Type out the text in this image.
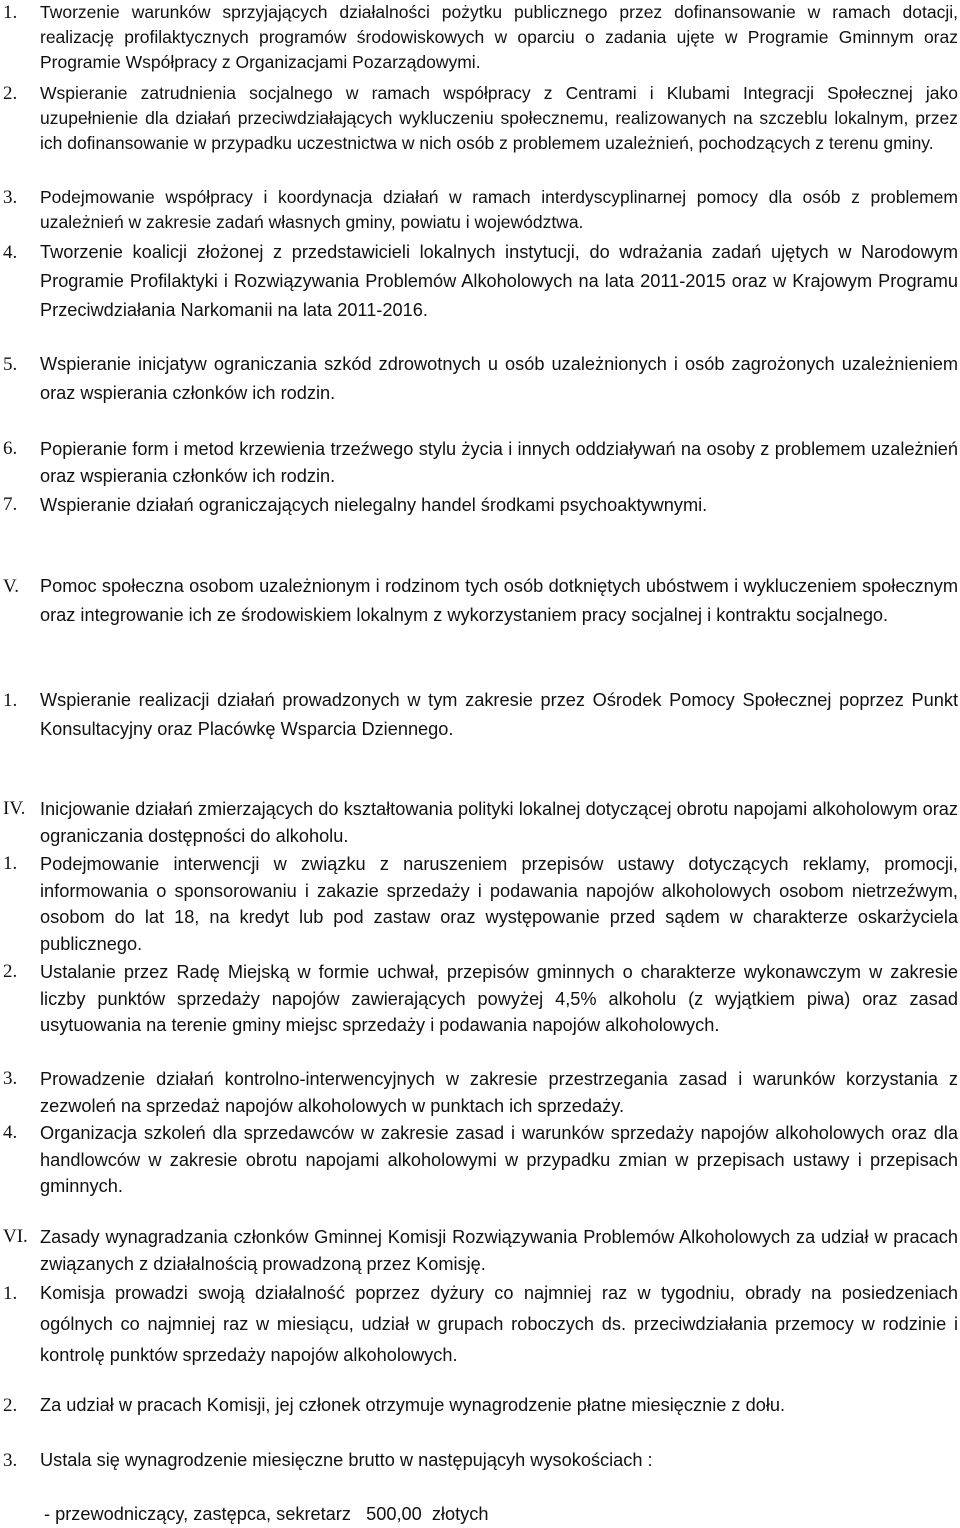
1. Tworzenie warunków sprzyjających działalności pożytku publicznego przez dofinansowanie w ramach dotacji, realizację profilaktycznych programów środowiskowych w oparciu o zadania ujęte w Programie Gminnym oraz Programie Współpracy z Organizacjami Pozarządowymi.
2. Wspieranie zatrudnienia socjalnego w ramach współpracy z Centrami i Klubami Integracji Społecznej jako uzupełnienie dla działań przeciwdziałających wykluczeniu społecznemu, realizowanych na szczeblu lokalnym, przez ich dofinansowanie w przypadku uczestnictwa w nich osób z problemem uzależnień, pochodzących z terenu gminy.
3. Podejmowanie współpracy i koordynacja działań w ramach interdyscyplinarnej pomocy dla osób z problemem uzależnień w zakresie zadań własnych gminy, powiatu i województwa.
4. Tworzenie koalicji złożonej z przedstawicieli lokalnych instytucji, do wdrażania zadań ujętych w Narodowym Programie Profilaktyki i Rozwiązywania Problemów Alkoholowych na lata 2011-2015 oraz w Krajowym Programu Przeciwdziałania Narkomanii na lata 2011-2016.
5. Wspieranie inicjatyw ograniczania szkód zdrowotnych u osób uzależnionych i osób zagrożonych uzależnieniem oraz wspierania członków ich rodzin.
6. Popieranie form i metod krzewienia trzeźwego stylu życia i innych oddziaływań na osoby z problemem uzależnień oraz wspierania członków ich rodzin.
7. Wspieranie działań ograniczających nielegalny handel środkami psychoaktywnymi.
V. Pomoc społeczna osobom uzależnionym i rodzinom tych osób dotkniętych ubóstwem i wykluczeniem społecznym oraz integrowanie ich ze środowiskiem lokalnym z wykorzystaniem pracy socjalnej i kontraktu socjalnego.
1. Wspieranie realizacji działań prowadzonych w tym zakresie przez Ośrodek Pomocy Społecznej poprzez Punkt Konsultacyjny oraz Placówkę Wsparcia Dziennego.
IV. Inicjowanie działań zmierzających do kształtowania polityki lokalnej dotyczącej obrotu napojami alkoholowym oraz ograniczania dostępności do alkoholu.
1. Podejmowanie interwencji w związku z naruszeniem przepisów ustawy dotyczących reklamy, promocji, informowania o sponsorowaniu i zakazie sprzedaży i podawania napojów alkoholowych osobom nietrzeźwym, osobom do lat 18, na kredyt lub pod zastaw oraz występowanie przed sądem w charakterze oskarżyciela publicznego.
2. Ustalanie przez Radę Miejską w formie uchwał, przepisów gminnych o charakterze wykonawczym w zakresie liczby punktów sprzedaży napojów zawierających powyżej 4,5% alkoholu (z wyjątkiem piwa) oraz zasad usytuowania na terenie gminy miejsc sprzedaży i podawania napojów alkoholowych.
3. Prowadzenie działań kontrolno-interwencyjnych w zakresie przestrzegania zasad i warunków korzystania z zezwoleń na sprzedaż napojów alkoholowych w punktach ich sprzedaży.
4. Organizacja szkoleń dla sprzedawców w zakresie zasad i warunków sprzedaży napojów alkoholowych oraz dla handlowców w zakresie obrotu napojami alkoholowymi w przypadku zmian w przepisach ustawy i przepisach gminnych.
VI. Zasady wynagradzania członków Gminnej Komisji Rozwiązywania Problemów Alkoholowych za udział w pracach związanych z działalnością prowadzoną przez Komisję.
1. Komisja prowadzi swoją działalność poprzez dyżury co najmniej raz w tygodniu, obrady na posiedzeniach ogólnych co najmniej raz w miesiącu, udział w grupach roboczych ds. przeciwdziałania przemocy w rodzinie i kontrolę punktów sprzedaży napojów alkoholowych.
2. Za udział w pracach Komisji, jej członek otrzymuje wynagrodzenie płatne miesięcznie z dołu.
3. Ustala się wynagrodzenie miesięczne brutto w następującyh wysokościach :
- przewodniczący, zastępca, sekretarz   500,00  złotych
